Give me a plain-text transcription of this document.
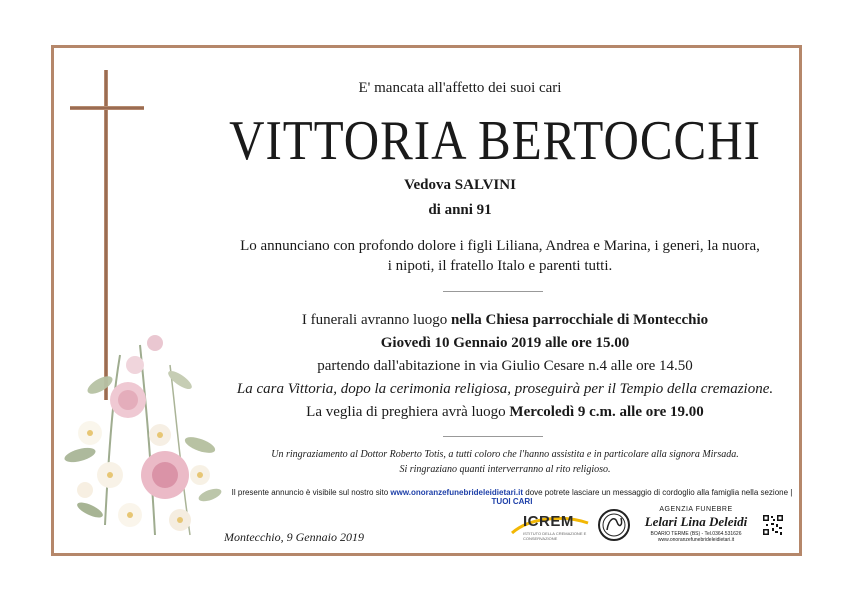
E' mancata all'affetto dei suoi cari
VITTORIA BERTOCCHI
Vedova SALVINI
di anni 91
Lo annunciano con profondo dolore i figli Liliana, Andrea e Marina, i generi, la nuora,
i nipoti, il fratello Italo e parenti tutti.
I funerali avranno luogo nella Chiesa parrocchiale di Montecchio
Giovedì 10 Gennaio 2019 alle ore 15.00
partendo dall'abitazione in via Giulio Cesare n.4 alle ore 14.50
La cara Vittoria, dopo la cerimonia religiosa, proseguirà per il Tempio della cremazione.
La veglia di preghiera avrà luogo Mercoledì 9 c.m. alle ore 19.00
Un ringraziamento al Dottor Roberto Totis, a tutti coloro che l'hanno assistita e in particolare alla signora Mirsada.
Si ringraziano quanti interverranno al rito religioso.
Il presente annuncio è visibile sul nostro sito www.onoranzefunebrideleidietari.it dove potrete lasciare un messaggio di cordoglio alla famiglia nella sezione | TUOI CARI
Montecchio, 9 Gennaio 2019
ICREM
ISTITUTO DELLA CREMAZIONE E CONSERVAZIONE
AGENZIA FUNEBRE
Lelari Lina Deleidi
BOARIO TERME (BS) - Tel.0364.531626
www.onoranzefunebrideleidietari.it
